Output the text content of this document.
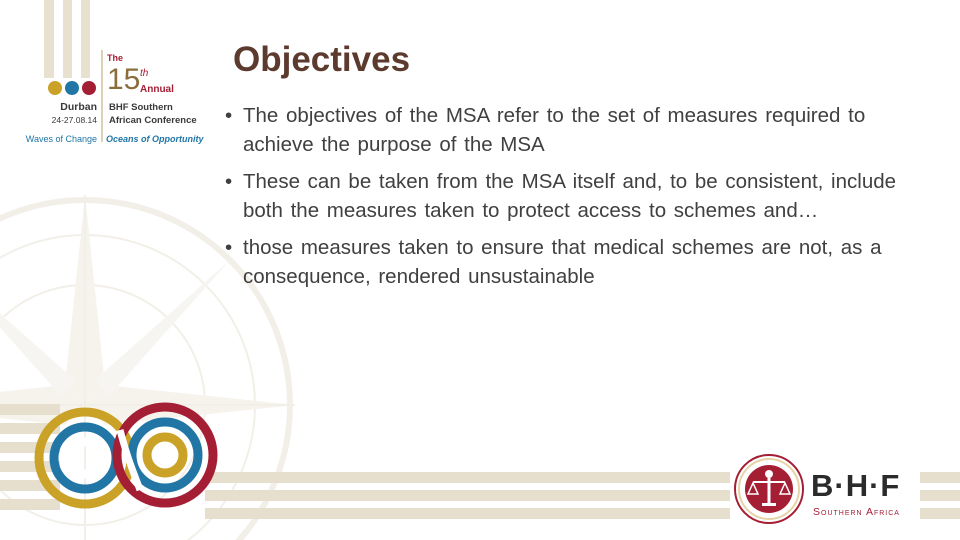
The
15 th
Annual
Durban
24-27.08.14
BHF Southern
African Conference
Waves of Change Oceans of Opportunity
Objectives
• The objectives of the MSA refer to the set of measures required to achieve the purpose of the MSA
• These can be taken from the MSA itself and, to be consistent, include both the measures taken to protect access to schemes and…
• those measures taken to ensure that medical schemes are not, as a consequence, rendered unsustainable
B·H·F
Southern Africa
